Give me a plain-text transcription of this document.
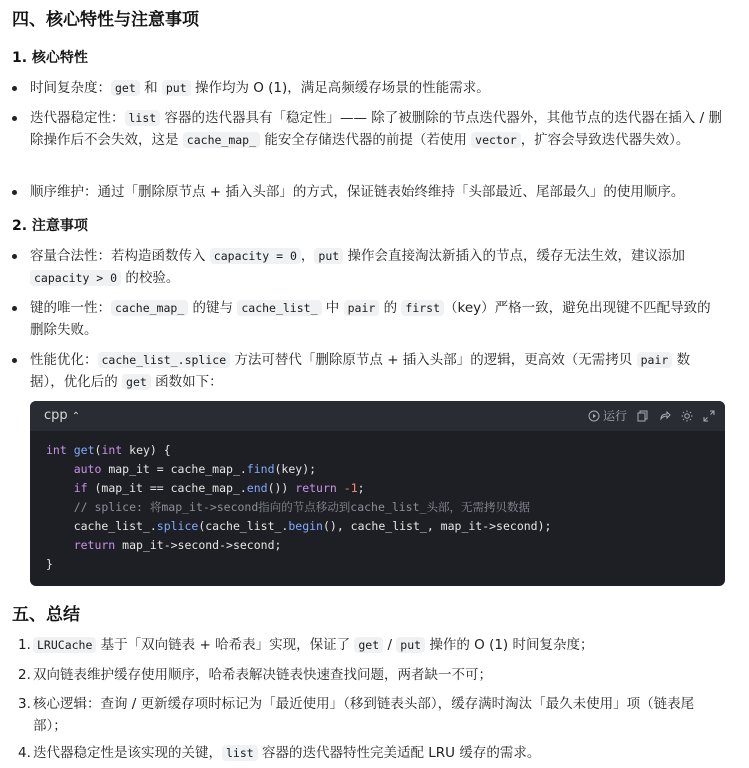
四、核心特性与注意事项
1. 核心特性
时间复杂度： get 和 put 操作均为 O (1)，满足高频缓存场景的性能需求。
迭代器稳定性： list 容器的迭代器具有「稳定性」—— 除了被删除的节点迭代器外，其他节点的迭代器在插入 / 删除操作后不会失效，这是 cache_map_ 能安全存储迭代器的前提（若使用 vector ，扩容会导致迭代器失效）。
顺序维护：通过「删除原节点 + 插入头部」的方式，保证链表始终维持「头部最近、尾部最久」的使用顺序。
2. 注意事项
容量合法性：若构造函数传入 capacity = 0 ， put 操作会直接淘汰新插入的节点，缓存无法生效，建议添加 capacity > 0 的校验。
键的唯一性： cache_map_ 的键与 cache_list_ 中 pair 的 first （key）严格一致，避免出现键不匹配导致的删除失败。
性能优化： cache_list_.splice 方法可替代「删除原节点 + 插入头部」的逻辑，更高效（无需拷贝 pair 数据），优化后的 get 函数如下：
cpp ⌃	运行
int get(int key) {
auto map_it = cache_map_.find(key);
if (map_it == cache_map_.end()) return -1;
// splice: 将map_it->second指向的节点移动到cache_list_头部，无需拷贝数据
cache_list_.splice(cache_list_.begin(), cache_list_, map_it->second);
return map_it->second->second;
}
五、总结
1. LRUCache 基于「双向链表 + 哈希表」实现，保证了 get / put 操作的 O (1) 时间复杂度；
2. 双向链表维护缓存使用顺序，哈希表解决链表快速查找问题，两者缺一不可；
3. 核心逻辑：查询 / 更新缓存项时标记为「最近使用」（移到链表头部），缓存满时淘汰「最久未使用」项（链表尾部）；
4. 迭代器稳定性是该实现的关键， list 容器的迭代器特性完美适配 LRU 缓存的需求。
